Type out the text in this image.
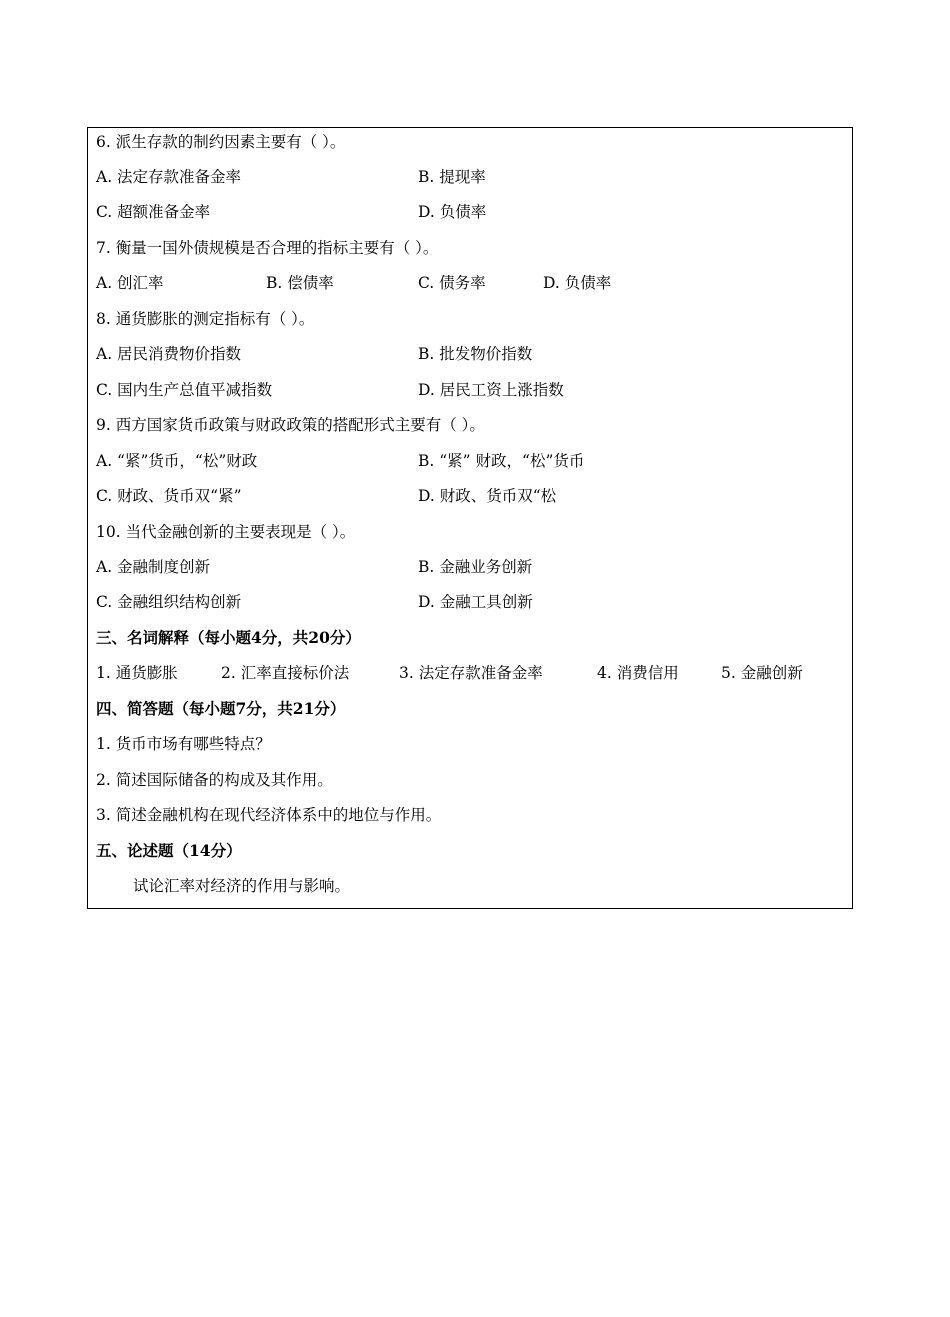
6. 派生存款的制约因素主要有（ ）。
A. 法定存款准备金率	B. 提现率
C. 超额准备金率	D. 负债率
7. 衡量一国外债规模是否合理的指标主要有（ ）。
A. 创汇率	B. 偿债率	C. 债务率	D. 负债率
8. 通货膨胀的测定指标有（ ）。
A. 居民消费物价指数	B. 批发物价指数
C. 国内生产总值平减指数	D. 居民工资上涨指数
9. 西方国家货币政策与财政政策的搭配形式主要有（ ）。
A. “紧”货币，“松”财政	B. “紧” 财政，“松”货币
C. 财政、货币双“紧”	D. 财政、货币双“松
10. 当代金融创新的主要表现是（ ）。
A. 金融制度创新	B. 金融业务创新
C. 金融组织结构创新	D. 金融工具创新
三、名词解释（每小题4分，共20分）
1. 通货膨胀	2. 汇率直接标价法	3. 法定存款准备金率	4. 消费信用	5. 金融创新
四、简答题（每小题7分，共21分）
1. 货币市场有哪些特点？
2. 简述国际储备的构成及其作用。
3. 简述金融机构在现代经济体系中的地位与作用。
五、论述题（14分）
试论汇率对经济的作用与影响。
